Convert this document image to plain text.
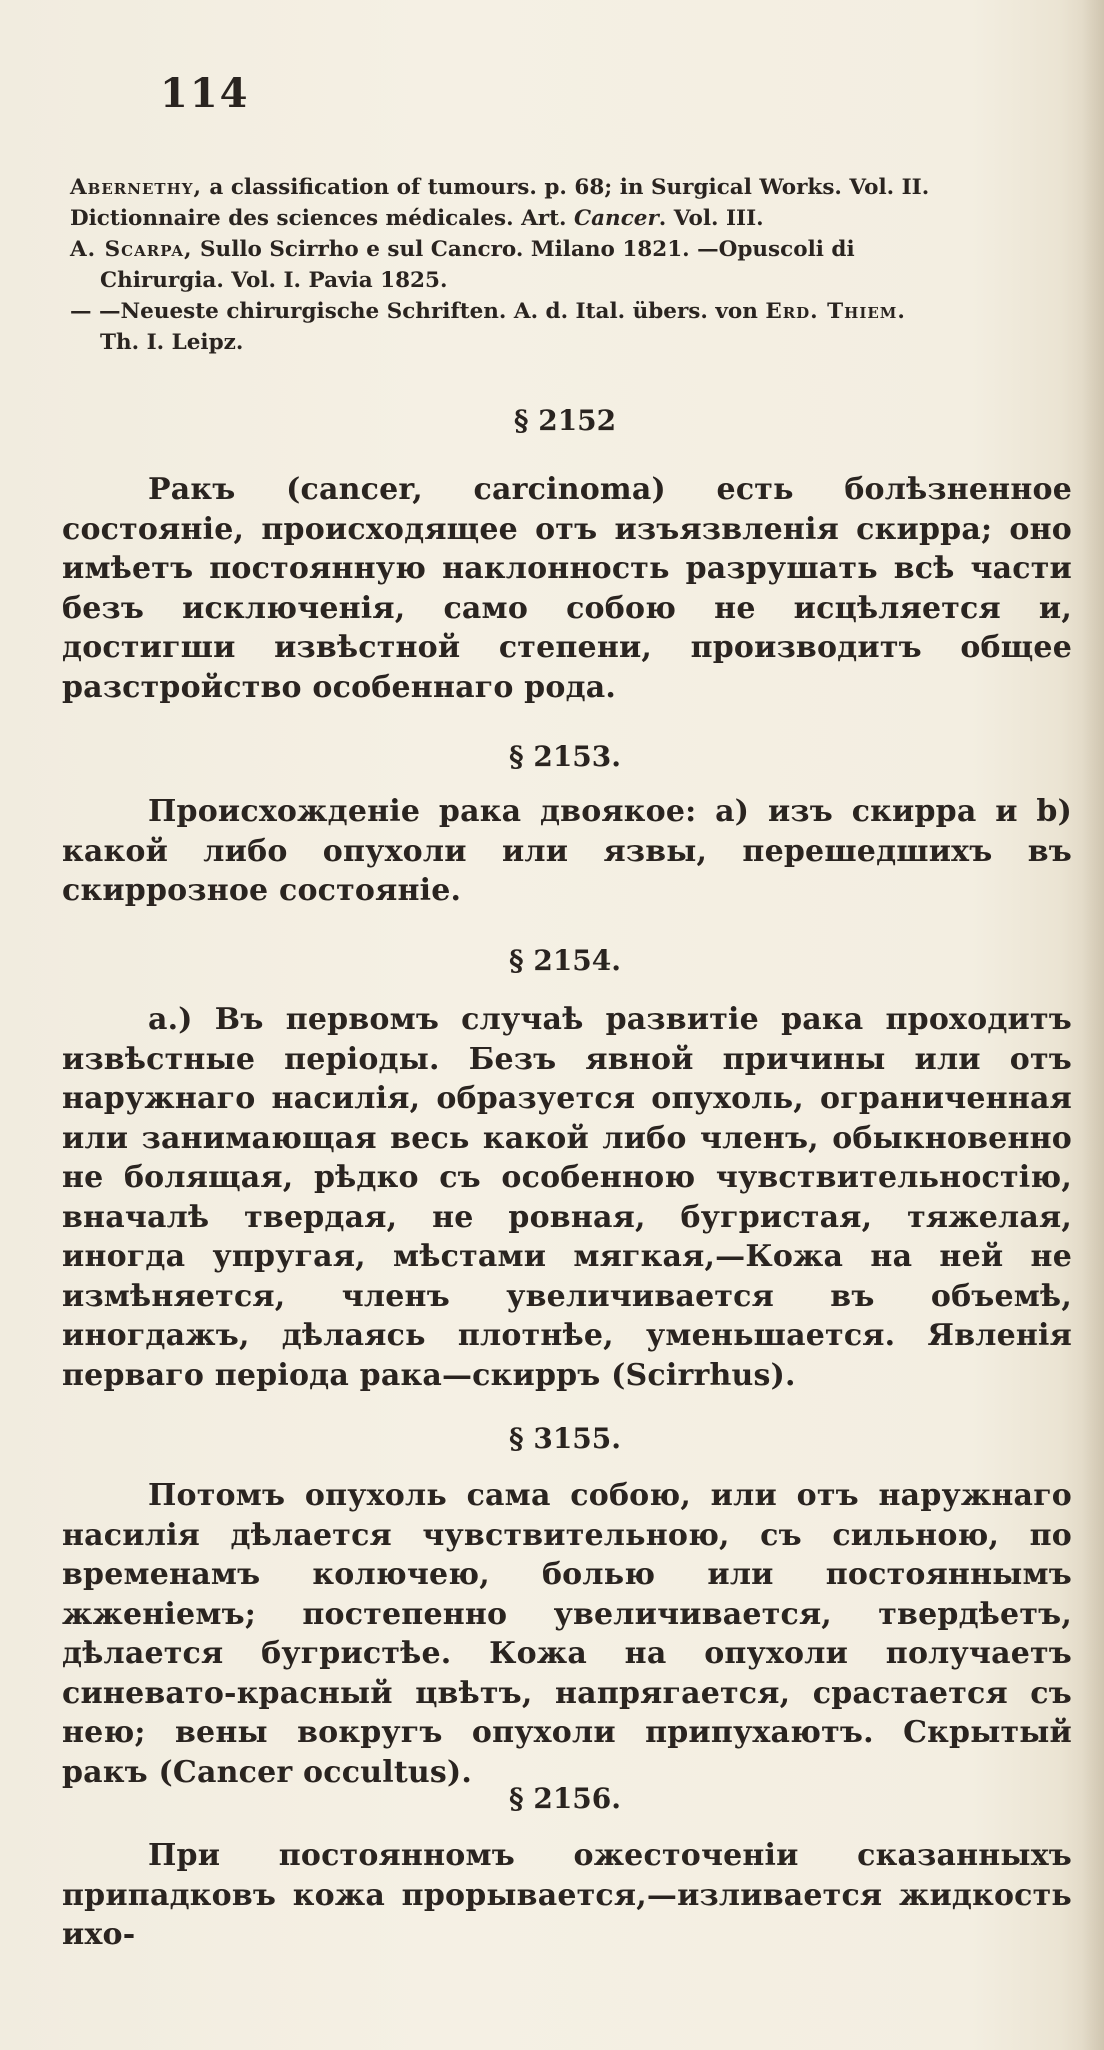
114
Abernethy, a classification of tumours. p. 68; in Surgical Works. Vol. II.
Dictionnaire des sciences médicales. Art. Cancer. Vol. III.
A. Scarpa, Sullo Scirrho e sul Cancro. Milano 1821. —Opuscoli di
Chirurgia. Vol. I. Pavia 1825.
— —Neueste chirurgische Schriften. A. d. Ital. übers. von Erd. Thiem.
Th. I. Leipz.
§ 2152

Ракъ (cancer, carcinoma) есть болѣзненное состоянiе, происходящее отъ изъязвленiя скирра; оно имѣетъ постоянную наклонность разрушать всѣ части безъ исключенiя, само собою не исцѣляется и, достигши извѣстной степени, производитъ общее разстройство особеннаго рода.

§ 2153.

Происхожденiе рака двоякое: a) изъ скирра и b) какой либо опухоли или язвы, перешедшихъ въ скиррозное состоянiе.

§ 2154.

a.) Въ первомъ случаѣ развитiе рака проходитъ извѣстные перiоды. Безъ явной причины или отъ наружнаго насилiя, образуется опухоль, ограниченная или занимающая весь какой либо членъ, обыкновенно не болящая, рѣдко съ особенною чувствительностiю, вначалѣ твердая, не ровная, бугристая, тяжелая, иногда упругая, мѣстами мягкая,—Кожа на ней не измѣняется, членъ увеличивается въ объемѣ, иногдажъ, дѣлаясь плотнѣе, уменьшается. Явленiя перваго перiода рака—скирръ (Scirrhus).

§ 3155.

Потомъ опухоль сама собою, или отъ наружнаго насилiя дѣлается чувствительною, съ сильною, по временамъ колючею, болью или постояннымъ жженiемъ; постепенно увеличивается, твердѣетъ, дѣлается бугристѣе. Кожа на опухоли получаетъ синевато-красный цвѣтъ, напрягается, срастается съ нею; вены вокругъ опухоли припухаютъ. Скрытый ракъ (Cancer occultus).

§ 2156.

При постоянномъ ожесточенiи сказанныхъ припадковъ кожа прорывается,—изливается жидкость ихо-
